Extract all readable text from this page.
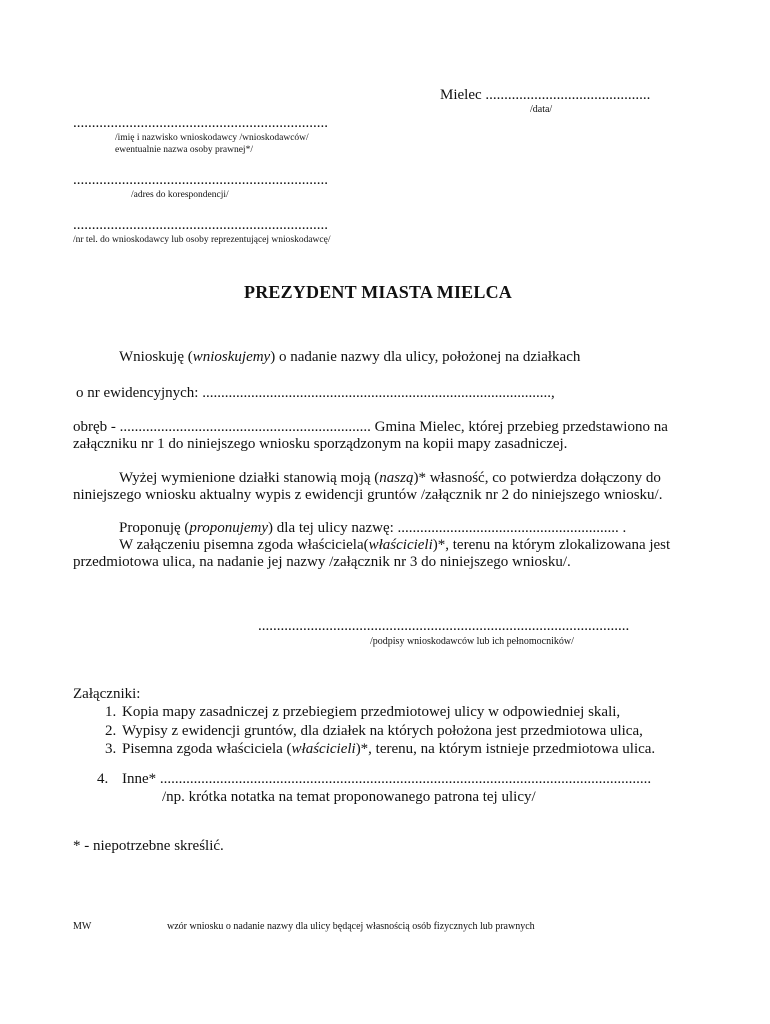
Mielec ............................................
/data/
....................................................................
/imię i nazwisko wnioskodawcy /wnioskodawców/
ewentualnie nazwa osoby prawnej*/
....................................................................
/adres do korespondencji/
....................................................................
/nr tel. do wnioskodawcy lub osoby reprezentującej wnioskodawcę/
PREZYDENT MIASTA MIELCA
Wnioskuję (wnioskujemy) o nadanie nazwy dla ulicy, położonej na działkach
o nr ewidencyjnych: .............................................................................................,
obręb - ................................................................... Gmina Mielec, której przebieg przedstawiono na załączniku nr 1 do niniejszego wniosku sporządzonym na kopii mapy zasadniczej.
Wyżej wymienione działki stanowią moją (naszą)* własność, co potwierdza dołączony do niniejszego wniosku aktualny wypis z ewidencji gruntów /załącznik nr 2 do niniejszego wniosku/.
Proponuję (proponujemy) dla tej ulicy nazwę: ........................................................... .
W załączeniu pisemna zgoda właściciela(właścicieli)*, terenu na którym zlokalizowana jest przedmiotowa ulica, na nadanie jej nazwy /załącznik nr 3 do niniejszego wniosku/.
...................................................................................................
/podpisy wnioskodawców lub ich pełnomocników/
Załączniki:
1. Kopia mapy zasadniczej z przebiegiem przedmiotowej ulicy w odpowiedniej skali,
2. Wypisy z ewidencji gruntów, dla działek na których położona jest przedmiotowa ulica,
3. Pisemna zgoda właściciela (właścicieli)*, terenu, na którym istnieje przedmiotowa ulica.
4. Inne* ...................................................................................................................................
/np. krótka notatka na temat proponowanego patrona tej ulicy/
* - niepotrzebne skreślić.
MW	wzór wniosku o nadanie nazwy dla ulicy będącej własnością osób fizycznych lub prawnych
